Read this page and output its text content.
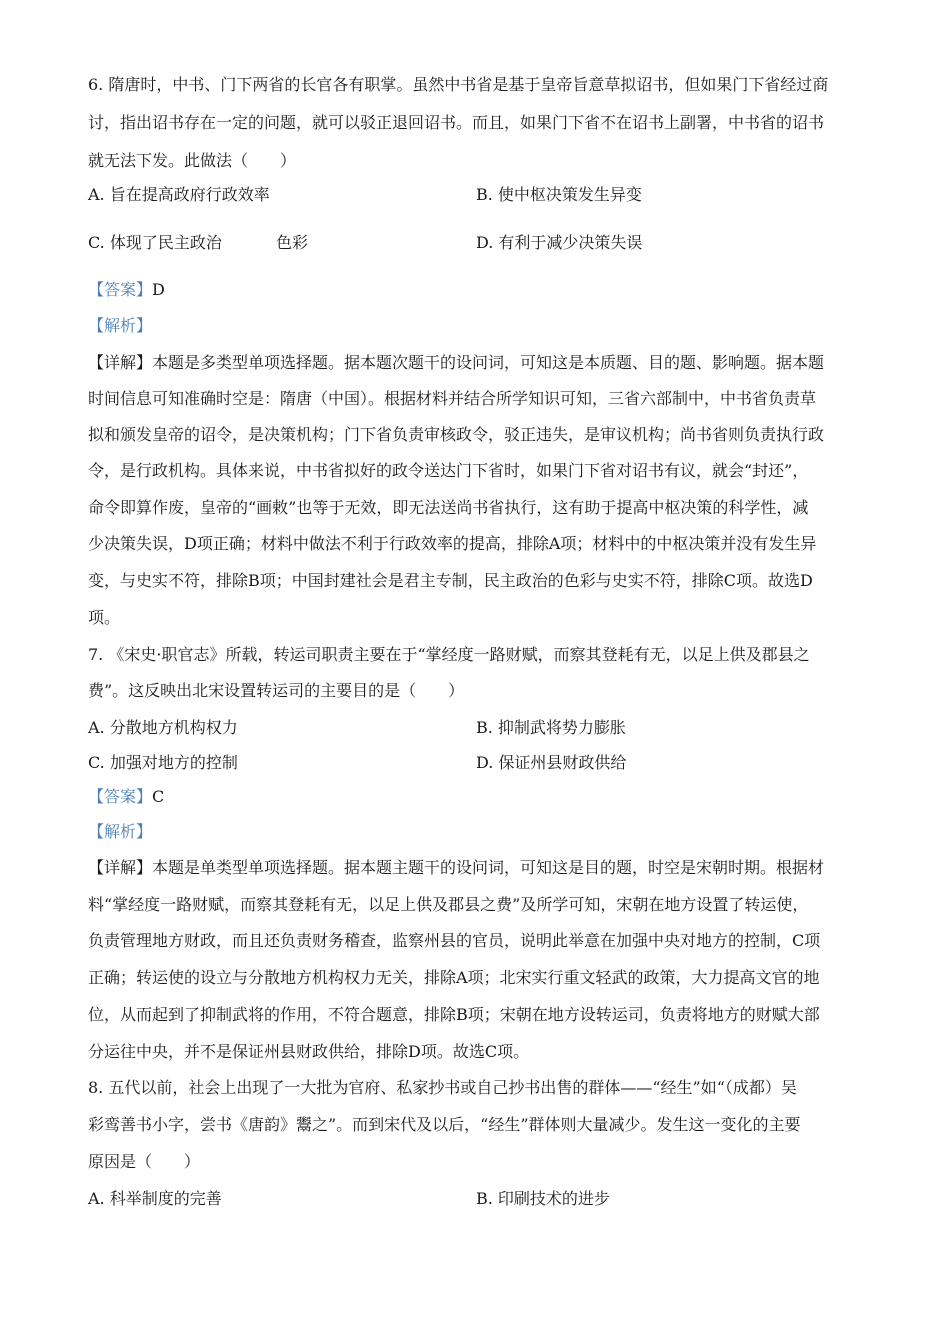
6. 隋唐时，中书、门下两省的长官各有职掌。虽然中书省是基于皇帝旨意草拟诏书，但如果门下省经过商
讨，指出诏书存在一定的问题，就可以驳正退回诏书。而且，如果门下省不在诏书上副署，中书省的诏书
就无法下发。此做法（　　）
A. 旨在提高政府行政效率	B. 使中枢决策发生异变
C. 体现了民主政治	色彩	D. 有利于减少决策失误
【答案】D
【解析】
【详解】本题是多类型单项选择题。据本题次题干的设问词，可知这是本质题、目的题、影响题。据本题
时间信息可知准确时空是：隋唐（中国）。根据材料并结合所学知识可知，三省六部制中，中书省负责草
拟和颁发皇帝的诏令，是决策机构；门下省负责审核政令，驳正违失，是审议机构；尚书省则负责执行政
令，是行政机构。具体来说，中书省拟好的政令送达门下省时，如果门下省对诏书有议，就会“封还”，
命令即算作废，皇帝的“画敕”也等于无效，即无法送尚书省执行，这有助于提高中枢决策的科学性，减
少决策失误，D项正确；材料中做法不利于行政效率的提高，排除A项；材料中的中枢决策并没有发生异
变，与史实不符，排除B项；中国封建社会是君主专制，民主政治的色彩与史实不符，排除C项。故选D
项。
7. 《宋史·职官志》所载，转运司职责主要在于“掌经度一路财赋，而察其登耗有无，以足上供及郡县之
费”。这反映出北宋设置转运司的主要目的是（　　）
A. 分散地方机构权力	B. 抑制武将势力膨胀
C. 加强对地方的控制	D. 保证州县财政供给
【答案】C
【解析】
【详解】本题是单类型单项选择题。据本题主题干的设问词，可知这是目的题，时空是宋朝时期。根据材
料“掌经度一路财赋，而察其登耗有无，以足上供及郡县之费”及所学可知，宋朝在地方设置了转运使，
负责管理地方财政，而且还负责财务稽查，监察州县的官员，说明此举意在加强中央对地方的控制，C项
正确；转运使的设立与分散地方机构权力无关，排除A项；北宋实行重文轻武的政策，大力提高文官的地
位，从而起到了抑制武将的作用，不符合题意，排除B项；宋朝在地方设转运司，负责将地方的财赋大部
分运往中央，并不是保证州县财政供给，排除D项。故选C项。
8. 五代以前，社会上出现了一大批为官府、私家抄书或自己抄书出售的群体——“经生”如“（成都）吴
彩鸾善书小字，尝书《唐韵》鬻之”。而到宋代及以后，“经生”群体则大量减少。发生这一变化的主要
原因是（　　）
A. 科举制度的完善	B. 印刷技术的进步
